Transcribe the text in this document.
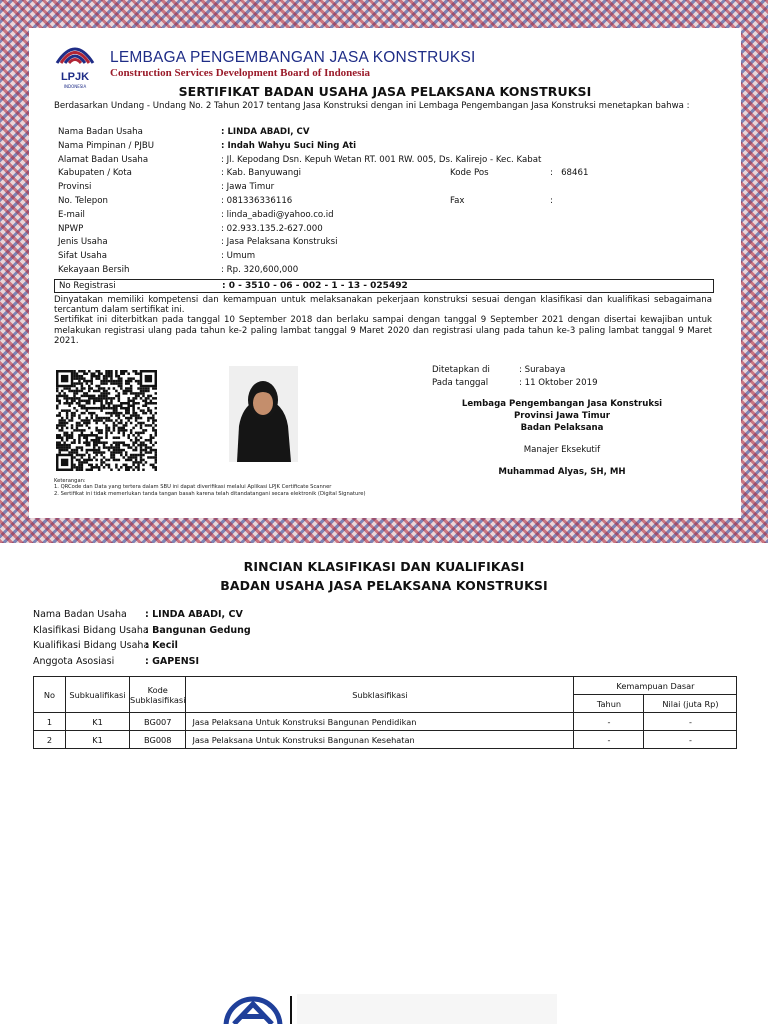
LPJK
INDONESIA
LEMBAGA PENGEMBANGAN JASA KONSTRUKSI
Construction Services Development Board of Indonesia
SERTIFIKAT BADAN USAHA JASA PELAKSANA KONSTRUKSI
Berdasarkan Undang - Undang No. 2 Tahun 2017 tentang Jasa Konstruksi dengan ini Lembaga Pengembangan Jasa Konstruksi menetapkan bahwa :
Nama Badan Usaha	: LINDA ABADI, CV
Nama Pimpinan / PJBU	: Indah Wahyu Suci Ning Ati
Alamat Badan Usaha	: Jl. Kepodang Dsn. Kepuh Wetan RT. 001 RW. 005, Ds. Kalirejo - Kec. Kabat
Kabupaten / Kota	: Kab. Banyuwangi	Kode Pos	:   68461
Provinsi	: Jawa Timur
No. Telepon	: 081336336116	Fax	:
E-mail	: linda_abadi@yahoo.co.id
NPWP	: 02.933.135.2-627.000
Jenis Usaha	: Jasa Pelaksana Konstruksi
Sifat Usaha	: Umum
Kekayaan Bersih	: Rp. 320,600,000
No Registrasi	: 0 - 3510 - 06 - 002 - 1 - 13 - 025492

Dinyatakan memiliki kompetensi dan kemampuan untuk melaksanakan pekerjaan konstruksi sesuai dengan klasifikasi dan kualifikasi sebagaimana tercantum dalam sertifikat ini.

Sertifikat ini diterbitkan pada tanggal 10 September 2018 dan berlaku sampai dengan tanggal 9 September 2021 dengan disertai kewajiban untuk melakukan registrasi ulang pada tahun ke-2 paling lambat tanggal 9 Maret 2020 dan registrasi ulang pada tahun ke-3 paling lambat tanggal 9 Maret 2021.

Ditetapkan di	: Surabaya
Pada tanggal	: 11 Oktober 2019
Lembaga Pengembangan Jasa Konstruksi
Provinsi Jawa Timur
Badan Pelaksana
Manajer Eksekutif
Muhammad Alyas, SH, MH
Keterangan:
1. QRCode dan Data yang tertera dalam SBU ini dapat diverifikasi melalui Aplikasi LPJK Certificate Scanner
2. Sertifikat ini tidak memerlukan tanda tangan basah karena telah ditandatangani secara elektronik (Digital Signature)
RINCIAN KLASIFIKASI DAN KUALIFIKASI
BADAN USAHA JASA PELAKSANA KONSTRUKSI
Nama Badan Usaha : LINDA ABADI, CV
Klasifikasi Bidang Usaha
: Bangunan Gedung
Kualifikasi Bidang Usaha
: Kecil
Anggota Asosiasi	: GAPENSI
No	Subkualifikasi	Kode Subklasifikasi	Subklasifikasi	Kemampuan Dasar	
				Tahun	Nilai (juta Rp)
1	K1	BG007	Jasa Pelaksana Untuk Konstruksi Bangunan Pendidikan	-	-
2	K1	BG008	Jasa Pelaksana Untuk Konstruksi Bangunan Kesehatan	-	-
